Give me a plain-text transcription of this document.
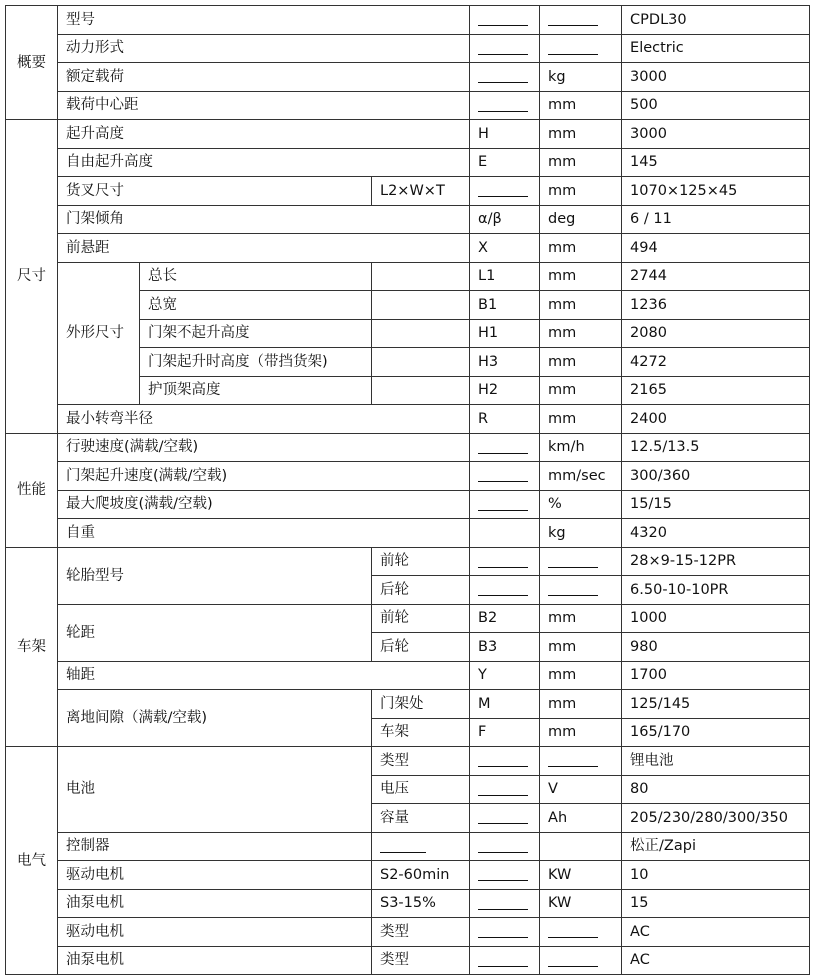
概要	型号					CPDL30
	动力形式					Electric
	额定载荷				kg	3000
	载荷中心距				mm	500
尺寸	起升高度			H	mm	3000
	自由起升高度			E	mm	145
	货叉尺寸		L2×W×T		mm	1070×125×45
	门架倾角			α/β	deg	6 / 11
	前悬距			X	mm	494
	外形尺寸	总长		L1	mm	2744
		总宽		B1	mm	1236
		门架不起升高度		H1	mm	2080
		门架起升时高度（带挡货架)		H3	mm	4272
		护顶架高度		H2	mm	2165
	最小转弯半径			R	mm	2400
性能	行驶速度(满载/空载)				km/h	12.5/13.5
	门架起升速度(满载/空载)				mm/sec	300/360
	最大爬坡度(满载/空载)				%	15/15
	自重				kg	4320
车架	轮胎型号		前轮			28×9-15-12PR
			后轮			6.50-10-10PR
	轮距		前轮	B2	mm	1000
			后轮	B3	mm	980
	轴距			Y	mm	1700
	离地间隙（满载/空载)		门架处	M	mm	125/145
			车架	F	mm	165/170
电气	电池		类型			锂电池
			电压		V	80
			容量		Ah	205/230/280/300/350
	控制器					松正/Zapi
	驱动电机		S2-60min		KW	10
	油泵电机		S3-15%		KW	15
	驱动电机		类型			AC
	油泵电机		类型			AC
